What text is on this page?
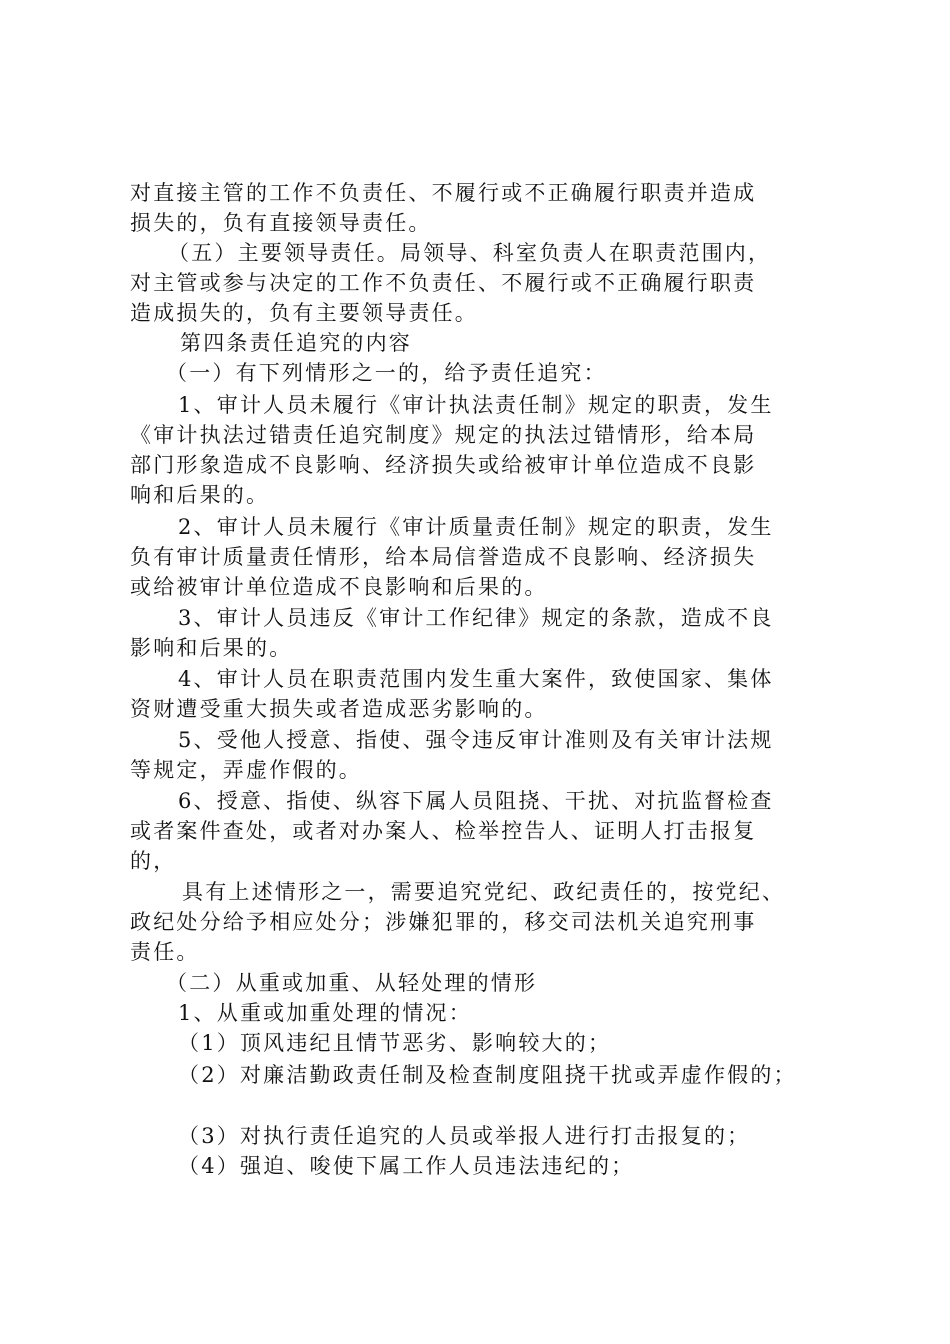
对直接主管的工作不负责任、不履行或不正确履行职责并造成
损失的，负有直接领导责任。
（五）主要领导责任。局领导、科室负责人在职责范围内，
对主管或参与决定的工作不负责任、不履行或不正确履行职责
造成损失的，负有主要领导责任。
第四条责任追究的内容
（一）有下列情形之一的，给予责任追究：
1、审计人员未履行《审计执法责任制》规定的职责，发生
《审计执法过错责任追究制度》规定的执法过错情形，给本局
部门形象造成不良影响、经济损失或给被审计单位造成不良影
响和后果的。
2、审计人员未履行《审计质量责任制》规定的职责，发生
负有审计质量责任情形，给本局信誉造成不良影响、经济损失
或给被审计单位造成不良影响和后果的。
3、审计人员违反《审计工作纪律》规定的条款，造成不良
影响和后果的。
4、审计人员在职责范围内发生重大案件，致使国家、集体
资财遭受重大损失或者造成恶劣影响的。
5、受他人授意、指使、强令违反审计准则及有关审计法规
等规定，弄虚作假的。
6、授意、指使、纵容下属人员阻挠、干扰、对抗监督检查
或者案件查处，或者对办案人、检举控告人、证明人打击报复
的，
具有上述情形之一，需要追究党纪、政纪责任的，按党纪、
政纪处分给予相应处分；涉嫌犯罪的，移交司法机关追究刑事
责任。
（二）从重或加重、从轻处理的情形
1、从重或加重处理的情况：
（1）顶风违纪且情节恶劣、影响较大的；
（2）对廉洁勤政责任制及检查制度阻挠干扰或弄虚作假的；
（3）对执行责任追究的人员或举报人进行打击报复的；
（4）强迫、唆使下属工作人员违法违纪的；
